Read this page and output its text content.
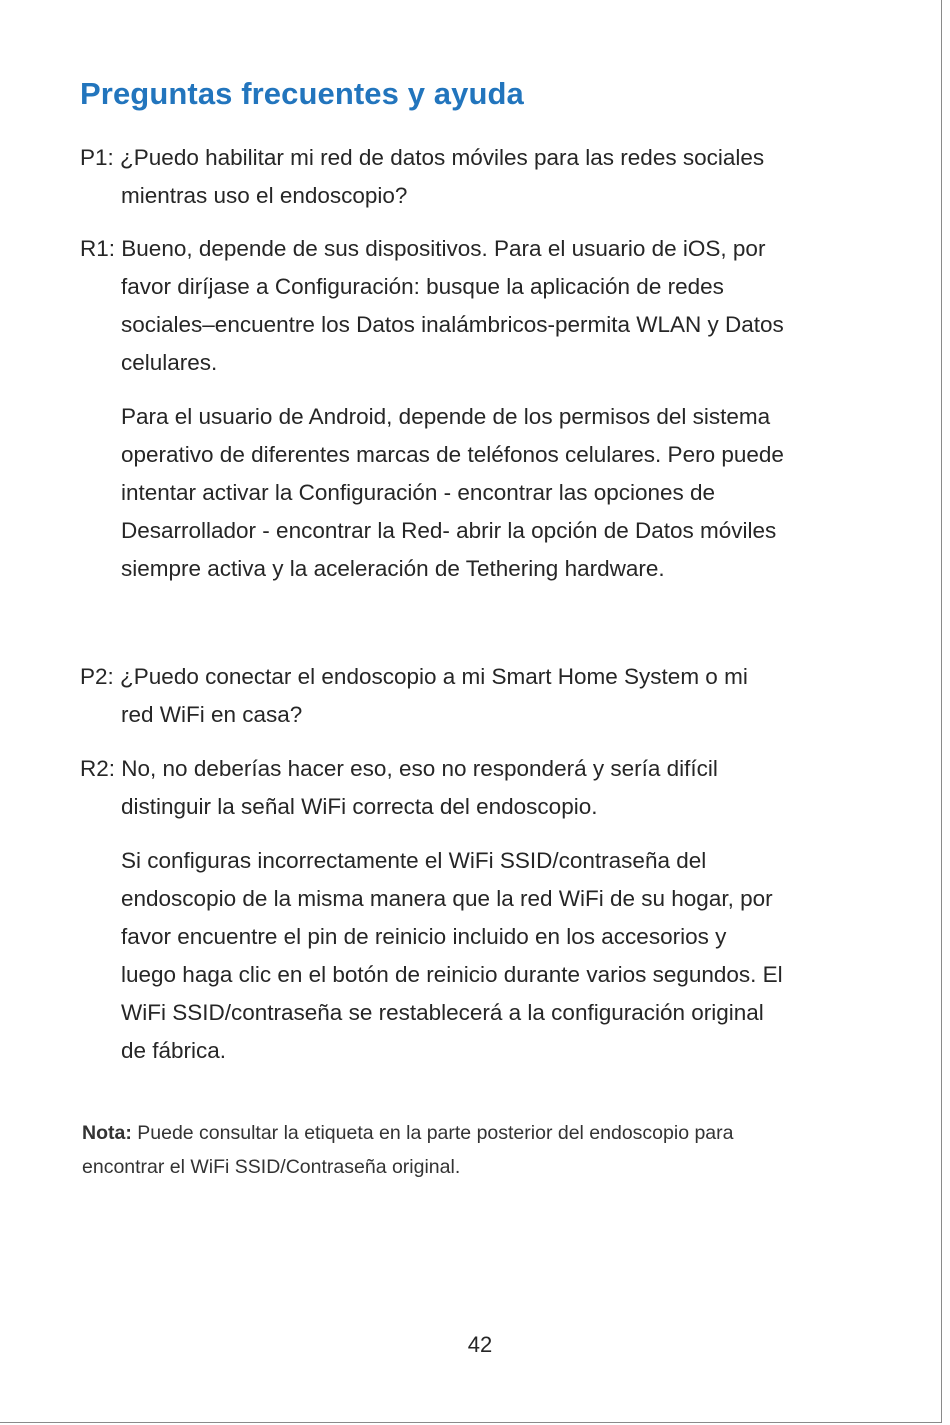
Preguntas frecuentes y ayuda
P1: ¿Puedo habilitar mi red de datos móviles para las redes sociales
mientras uso el endoscopio?
R1: Bueno, depende de sus dispositivos. Para el usuario de iOS, por
favor diríjase a Configuración: busque la aplicación de redes
sociales–encuentre los Datos inalámbricos-permita WLAN y Datos
celulares.
Para el usuario de Android, depende de los permisos del sistema
operativo de diferentes marcas de teléfonos celulares. Pero puede
intentar activar la Configuración - encontrar las opciones de
Desarrollador - encontrar la Red- abrir la opción de Datos móviles
siempre activa y la aceleración de Tethering hardware.
P2: ¿Puedo conectar el endoscopio a mi Smart Home System o mi
red WiFi en casa?
R2: No, no deberías hacer eso, eso no responderá y sería difícil
distinguir la señal WiFi correcta del endoscopio.
Si configuras incorrectamente el WiFi SSID/contraseña del
endoscopio de la misma manera que la red WiFi de su hogar, por
favor encuentre el pin de reinicio incluido en los accesorios y
luego haga clic en el botón de reinicio durante varios segundos. El
WiFi SSID/contraseña se restablecerá a la configuración original
de fábrica.
Nota: Puede consultar la etiqueta en la parte posterior del endoscopio para
encontrar el WiFi SSID/Contraseña original.
42
